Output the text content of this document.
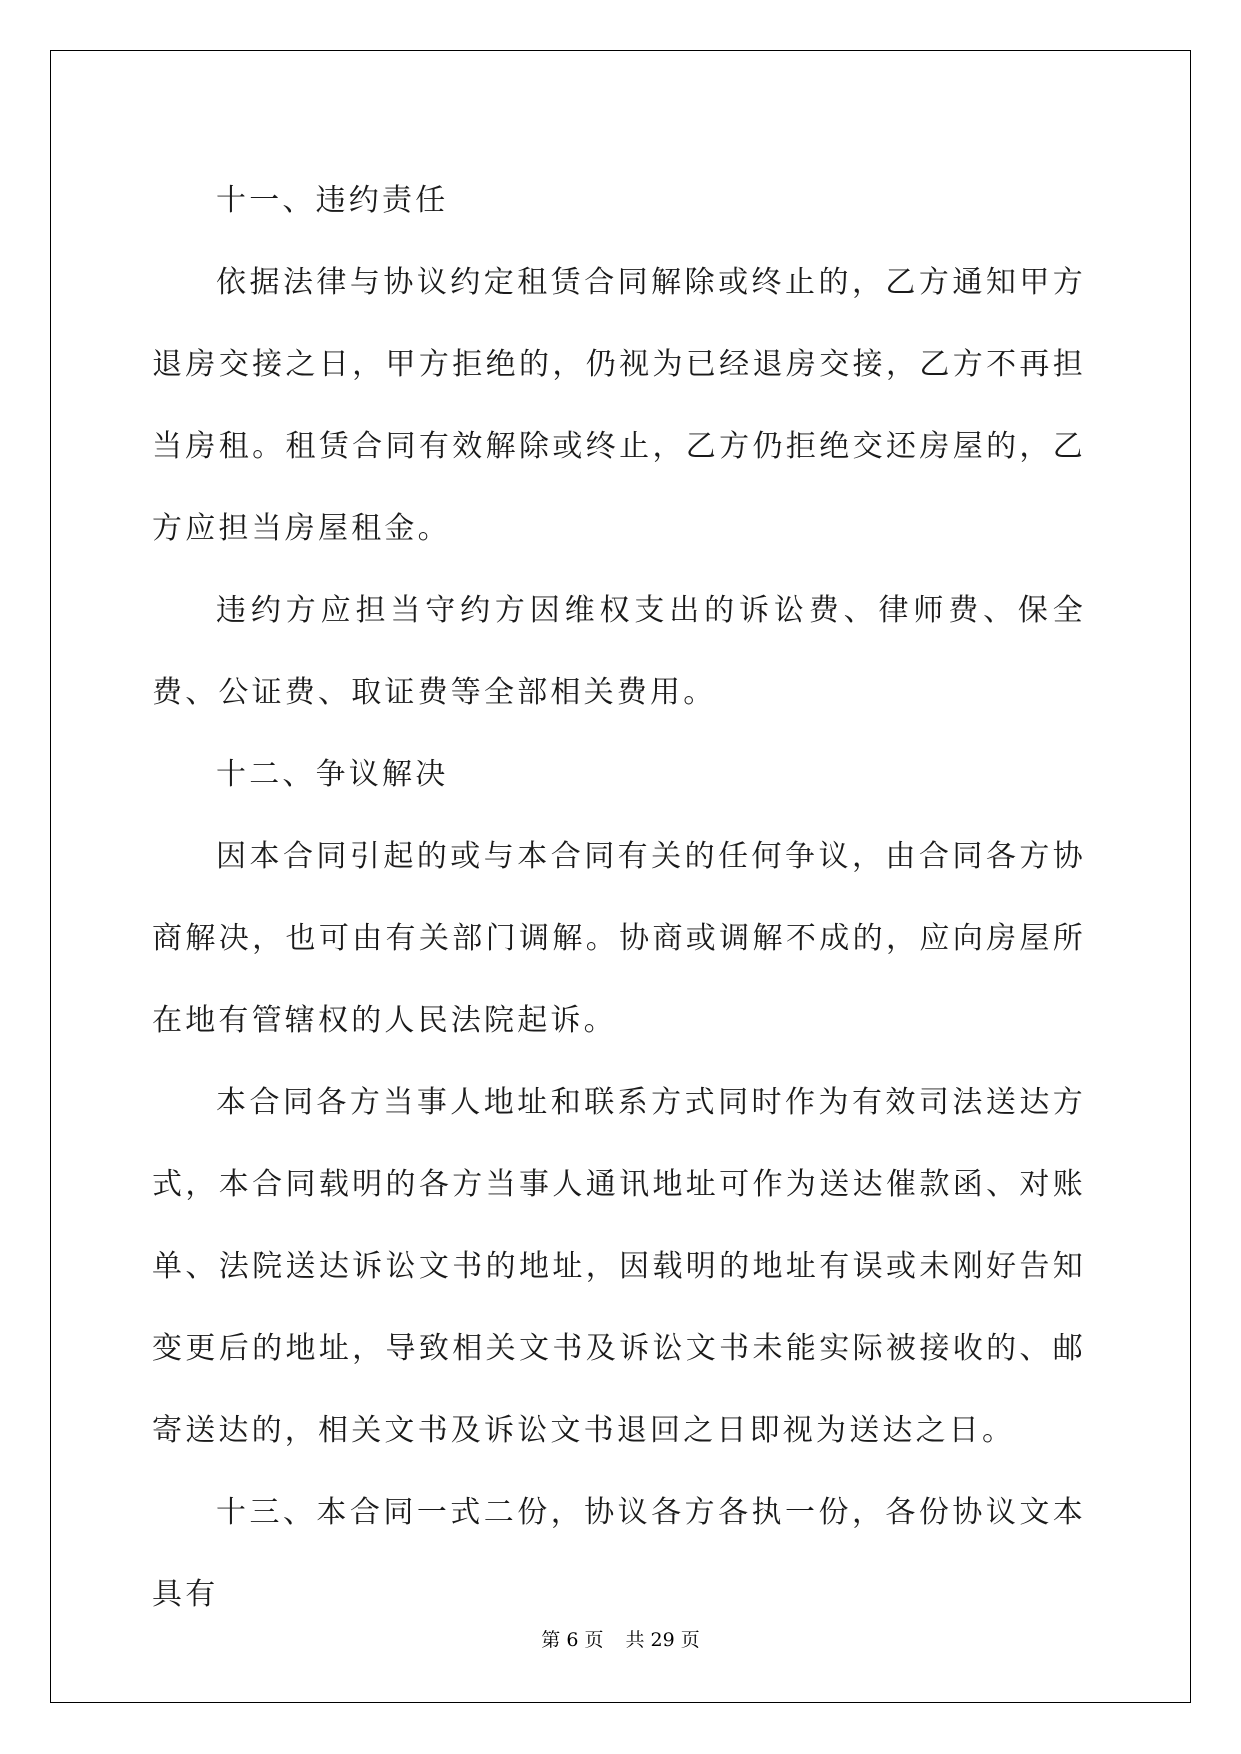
十一、违约责任

依据法律与协议约定租赁合同解除或终止的，乙方通知甲方退房交接之日，甲方拒绝的，仍视为已经退房交接，乙方不再担当房租。租赁合同有效解除或终止，乙方仍拒绝交还房屋的，乙方应担当房屋租金。

违约方应担当守约方因维权支出的诉讼费、律师费、保全费、公证费、取证费等全部相关费用。

十二、争议解决

因本合同引起的或与本合同有关的任何争议，由合同各方协商解决，也可由有关部门调解。协商或调解不成的，应向房屋所在地有管辖权的人民法院起诉。

本合同各方当事人地址和联系方式同时作为有效司法送达方式，本合同载明的各方当事人通讯地址可作为送达催款函、对账单、法院送达诉讼文书的地址，因载明的地址有误或未刚好告知变更后的地址，导致相关文书及诉讼文书未能实际被接收的、邮寄送达的，相关文书及诉讼文书退回之日即视为送达之日。

十三、本合同一式二份，协议各方各执一份，各份协议文本具有

第 6 页 共 29 页
